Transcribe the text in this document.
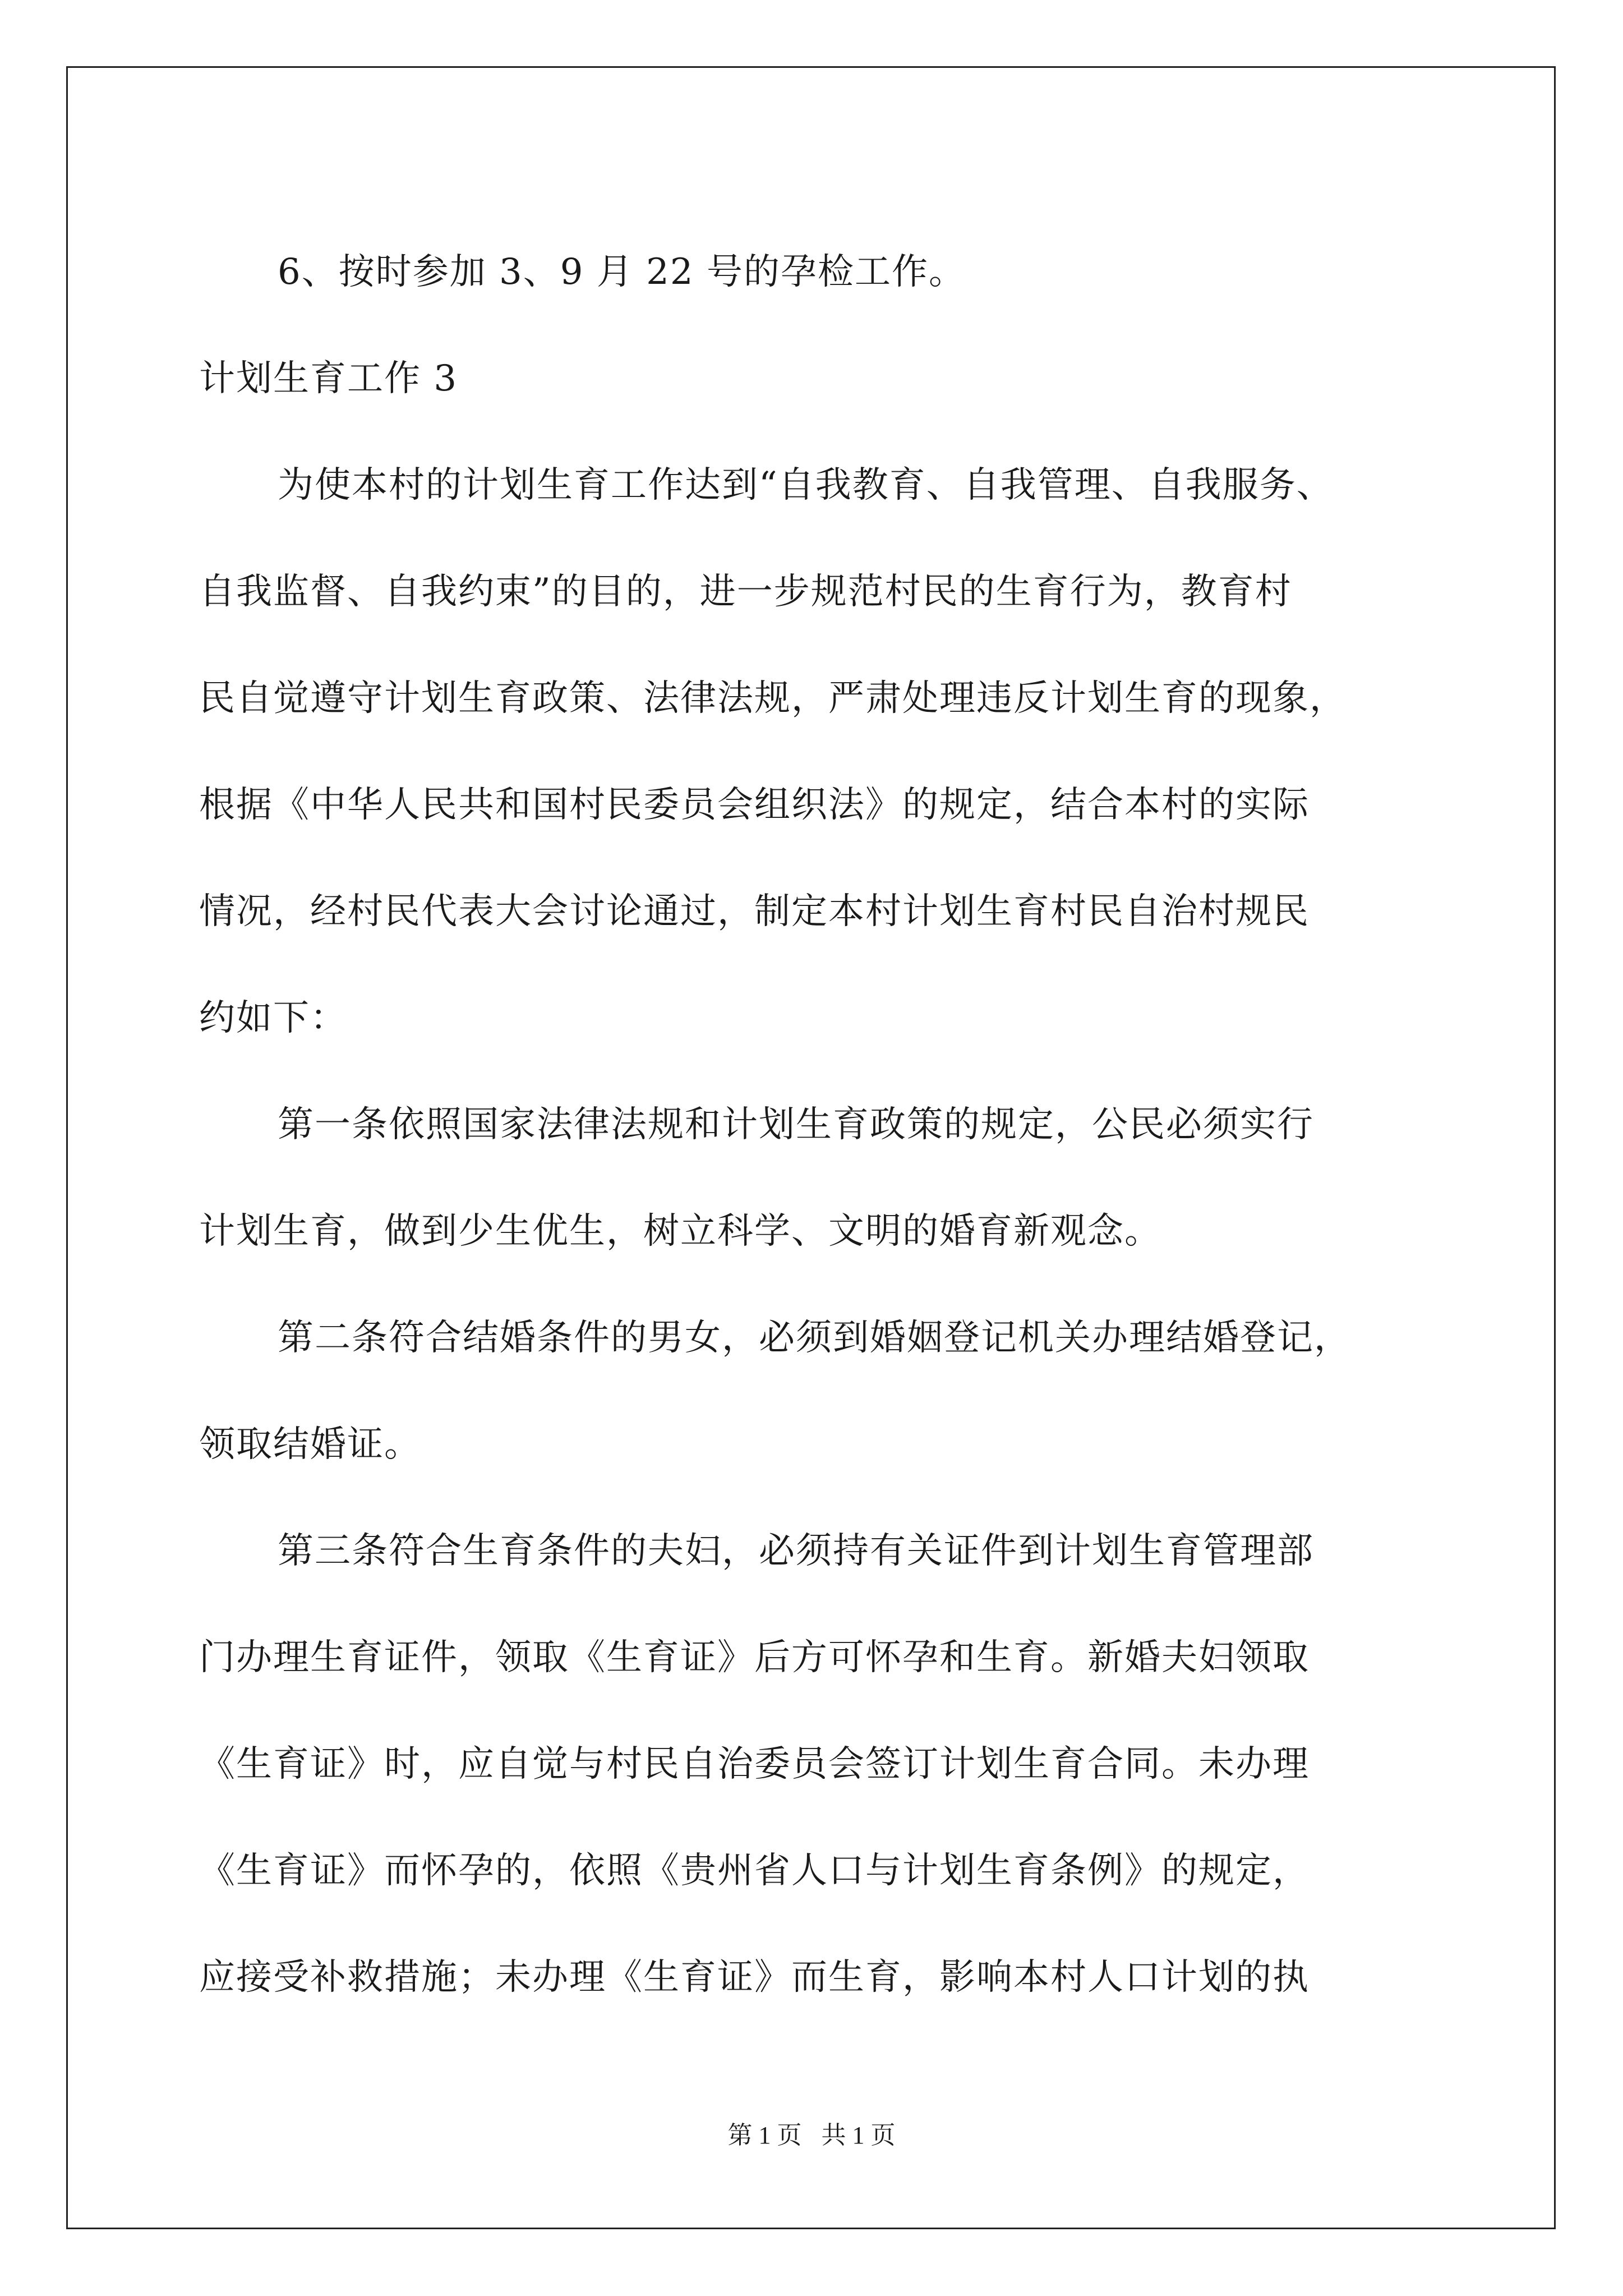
6、按时参加 3、9 月 22 号的孕检工作。
计划生育工作 3
为使本村的计划生育工作达到“自我教育、自我管理、自我服务、
自我监督、自我约束”的目的，进一步规范村民的生育行为，教育村
民自觉遵守计划生育政策、法律法规，严肃处理违反计划生育的现象，
根据《中华人民共和国村民委员会组织法》的规定，结合本村的实际
情况，经村民代表大会讨论通过，制定本村计划生育村民自治村规民
约如下：
第一条依照国家法律法规和计划生育政策的规定，公民必须实行
计划生育，做到少生优生，树立科学、文明的婚育新观念。
第二条符合结婚条件的男女，必须到婚姻登记机关办理结婚登记，
领取结婚证。
第三条符合生育条件的夫妇，必须持有关证件到计划生育管理部
门办理生育证件，领取《生育证》后方可怀孕和生育。新婚夫妇领取
《生育证》时，应自觉与村民自治委员会签订计划生育合同。未办理
《生育证》而怀孕的，依照《贵州省人口与计划生育条例》的规定，
应接受补救措施；未办理《生育证》而生育，影响本村人口计划的执
第 1 页 共 1 页
